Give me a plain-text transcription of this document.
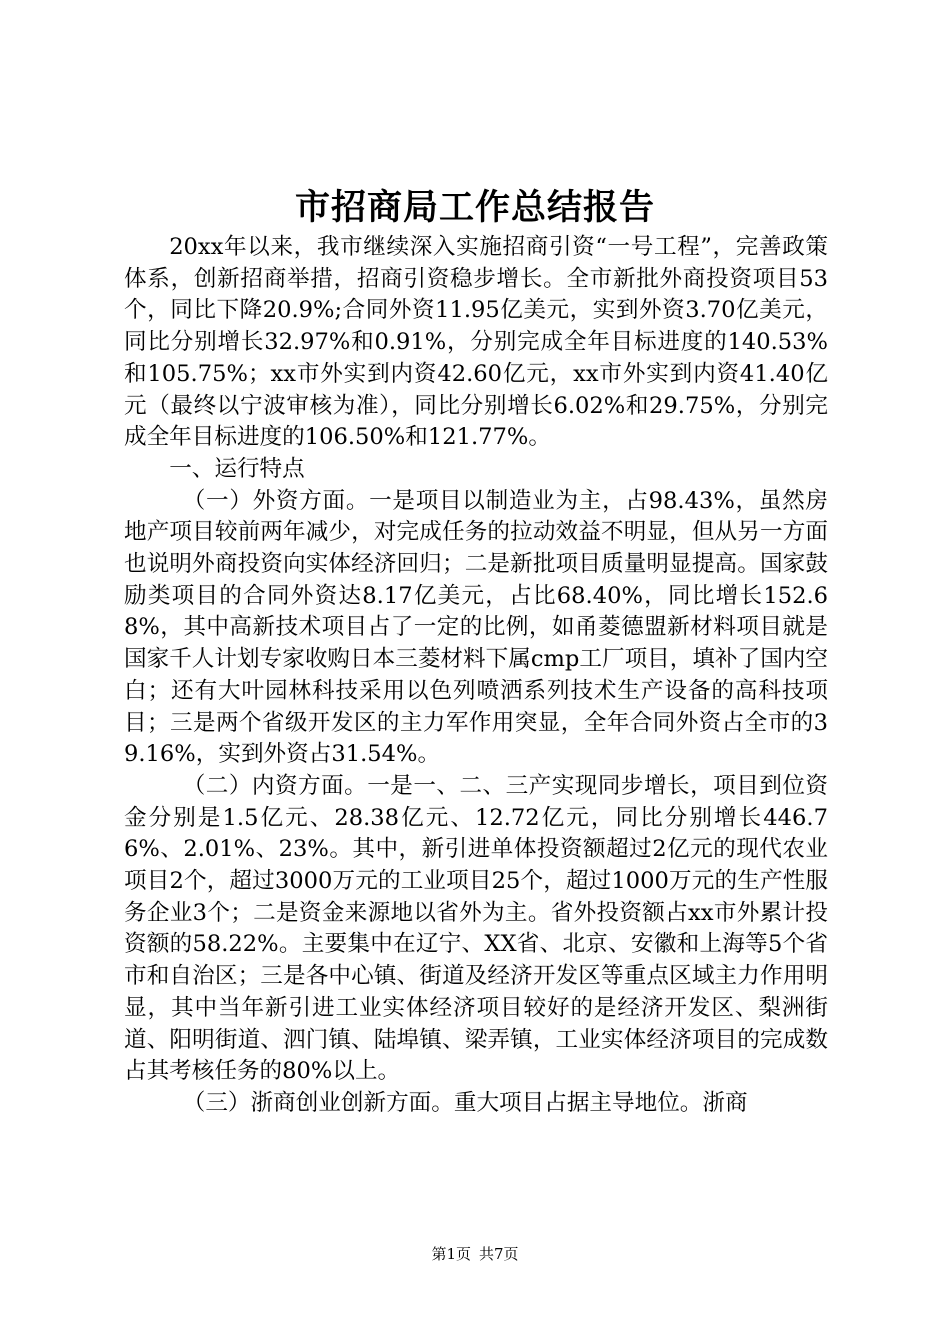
市招商局工作总结报告

20xx年以来，我市继续深入实施招商引资“一号工程”，完善政策体系，创新招商举措，招商引资稳步增长。全市新批外商投资项目53个，同比下降20.9%;合同外资11.95亿美元，实到外资3.70亿美元，同比分别增长32.97%和0.91%，分别完成全年目标进度的140.53%和105.75%；xx市外实到内资42.60亿元，xx市外实到内资41.40亿元（最终以宁波审核为准），同比分别增长6.02%和29.75%，分别完成全年目标进度的106.50%和121.77%。

一、运行特点

（一）外资方面。一是项目以制造业为主，占98.43%，虽然房地产项目较前两年减少，对完成任务的拉动效益不明显，但从另一方面也说明外商投资向实体经济回归；二是新批项目质量明显提高。国家鼓励类项目的合同外资达8.17亿美元，占比68.40%，同比增长152.68%，其中高新技术项目占了一定的比例，如甬菱德盟新材料项目就是国家千人计划专家收购日本三菱材料下属cmp工厂项目，填补了国内空白；还有大叶园林科技采用以色列喷洒系列技术生产设备的高科技项目；三是两个省级开发区的主力军作用突显，全年合同外资占全市的39.16%，实到外资占31.54%。

（二）内资方面。一是一、二、三产实现同步增长，项目到位资金分别是1.5亿元、28.38亿元、12.72亿元，同比分别增长446.76%、2.01%、23%。其中，新引进单体投资额超过2亿元的现代农业项目2个，超过3000万元的工业项目25个，超过1000万元的生产性服务企业3个；二是资金来源地以省外为主。省外投资额占xx市外累计投资额的58.22%。主要集中在辽宁、XX省、北京、安徽和上海等5个省市和自治区；三是各中心镇、街道及经济开发区等重点区域主力作用明显，其中当年新引进工业实体经济项目较好的是经济开发区、梨洲街道、阳明街道、泗门镇、陆埠镇、梁弄镇，工业实体经济项目的完成数占其考核任务的80%以上。

（三）浙商创业创新方面。重大项目占据主导地位。浙商

第1页 共7页
